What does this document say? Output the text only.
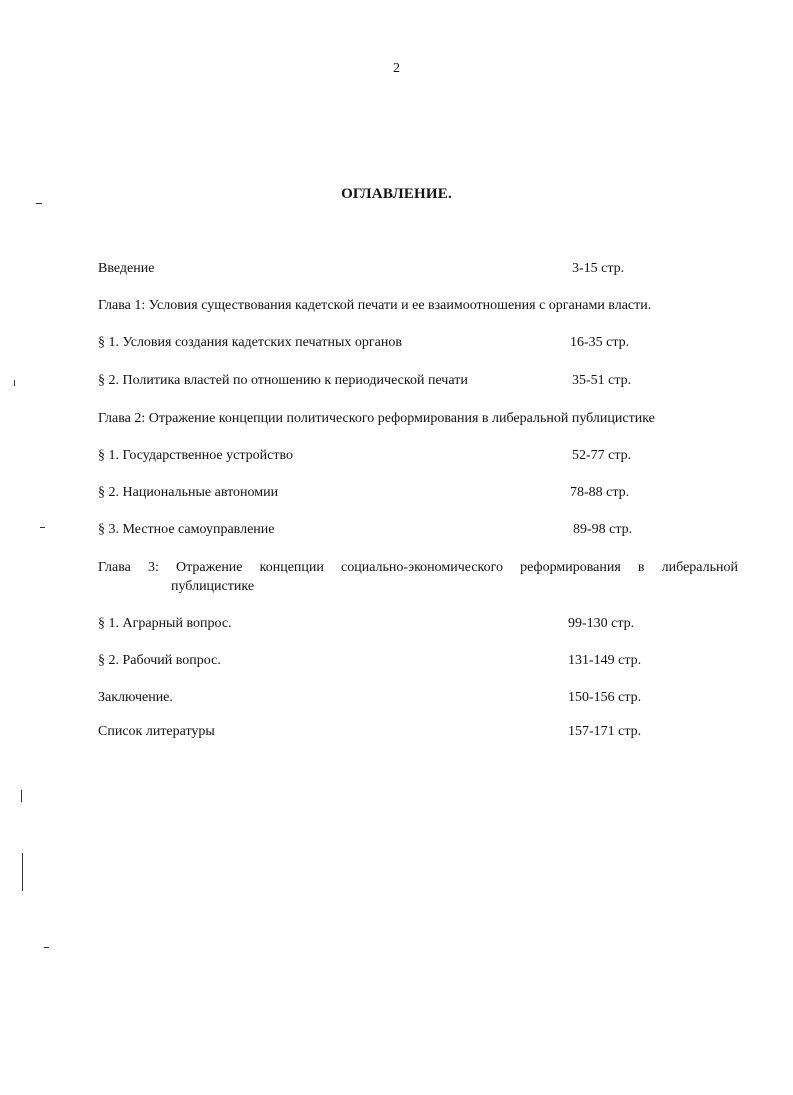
2
ОГЛАВЛЕНИЕ.
Введение	3-15 стр.
Глава 1: Условия существования кадетской печати и ее взаимоотношения с органами власти.
§ 1. Условия создания кадетских печатных органов	16-35 стр.
§ 2. Политика властей по отношению к периодической печати	35-51 стр.
Глава 2: Отражение концепции политического реформирования в либеральной публицистике
§ 1. Государственное устройство	52-77 стр.
§ 2. Национальные автономии	78-88 стр.
§ 3. Местное самоуправление	89-98 стр.
Глава 3: Отражение концепции социально-экономического реформирования в либеральной
публицистике
§ 1. Аграрный вопрос.	99-130 стр.
§ 2. Рабочий вопрос.	131-149 стр.
Заключение.	150-156 стр.
Список литературы	157-171 стр.
